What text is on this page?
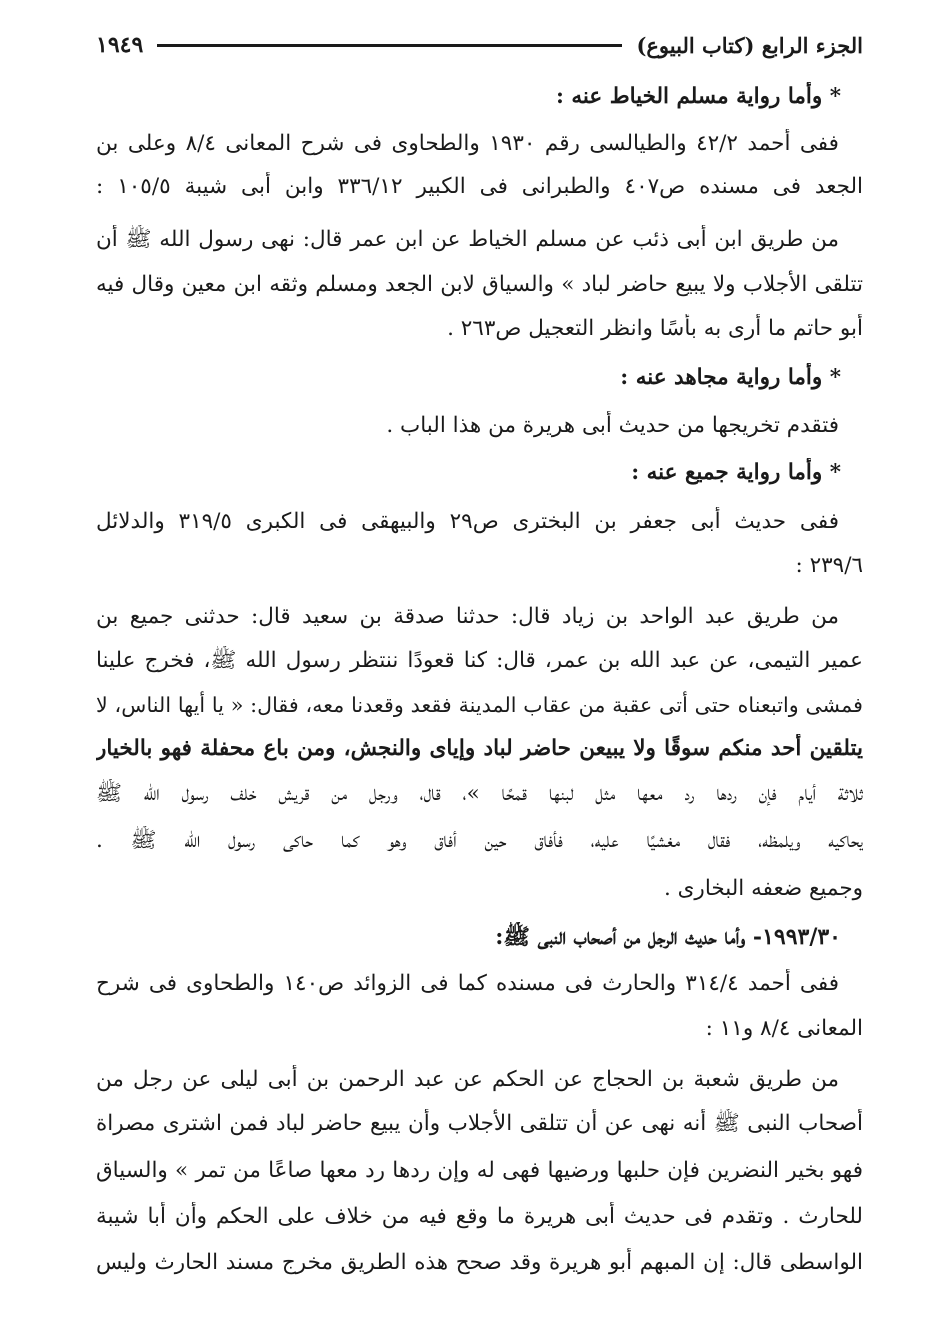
الجزء الرابع (كتاب البيوع)
١٩٤٩
* وأما رواية مسلم الخياط عنه :
ففى أحمد ٤٢/٢ والطيالسى رقم ١٩٣٠ والطحاوى فى شرح المعانى ٨/٤ وعلى بن
الجعد فى مسنده ص٤٠٧ والطبرانى فى الكبير ٣٣٦/١٢ وابن أبى شيبة ١٠٥/٥ :
من طريق ابن أبى ذئب عن مسلم الخياط عن ابن عمر قال: نهى رسول الله ﷺ أن
تتلقى الأجلاب ولا يبيع حاضر لباد » والسياق لابن الجعد ومسلم وثقه ابن معين وقال فيه
أبو حاتم ما أرى به بأسًا وانظر التعجيل ص٢٦٣ .
* وأما رواية مجاهد عنه :
فتقدم تخريجها من حديث أبى هريرة من هذا الباب .
* وأما رواية جميع عنه :
ففى حديث أبى جعفر بن البخترى ص٢٩ والبيهقى فى الكبرى ٣١٩/٥ والدلائل
٢٣٩/٦ :
من طريق عبد الواحد بن زياد قال: حدثنا صدقة بن سعيد قال: حدثنى جميع بن
عمير التيمى، عن عبد الله بن عمر، قال: كنا قعودًا ننتظر رسول الله ﷺ، فخرج علينا
فمشى واتبعناه حتى أتى عقبة من عقاب المدينة فقعد وقعدنا معه، فقال: « يا أيها الناس، لا
يتلقين أحد منكم سوقًا ولا يبيعن حاضر لباد وإياى والنجش، ومن باع محفلة فهو بالخيار
ثلاثة أيام فإن ردها رد معها مثل لبنها قمحًا »، قال، ورجل من قريش خلف رسول الله ﷺ
يحاكيه ويلمظه، فقال مغشيًا عليه، فأفاق حين أفاق وهو كما حاكى رسول الله ﷺ .
وجميع ضعفه البخارى .
١٩٩٣/٣٠- وأما حديث الرجل من أصحاب النبى ﷺ:
ففى أحمد ٣١٤/٤ والحارث فى مسنده كما فى الزوائد ص١٤٠ والطحاوى فى شرح
المعانى ٨/٤ و١١ :
من طريق شعبة بن الحجاج عن الحكم عن عبد الرحمن بن أبى ليلى عن رجل من
أصحاب النبى ﷺ أنه نهى عن أن تتلقى الأجلاب وأن يبيع حاضر لباد فمن اشترى مصراة
فهو بخير النضرين فإن حلبها ورضيها فهى له وإن ردها رد معها صاعًا من تمر » والسياق
للحارث . وتقدم فى حديث أبى هريرة ما وقع فيه من خلاف على الحكم وأن أبا شيبة
الواسطى قال: إن المبهم أبو هريرة وقد صحح هذه الطريق مخرج مسند الحارث وليس
